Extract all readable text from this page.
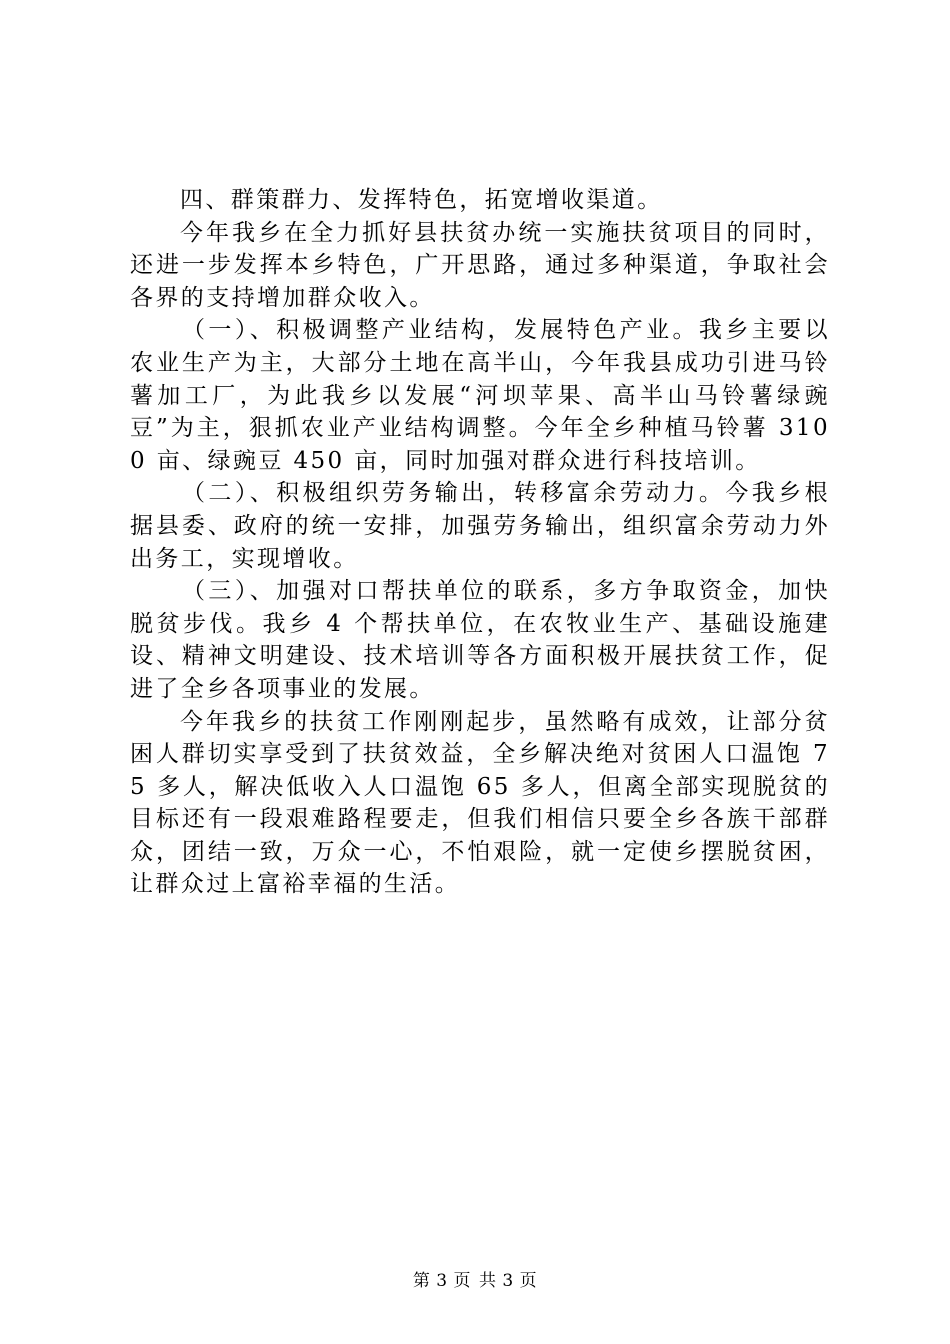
四、群策群力、发挥特色，拓宽增收渠道。

今年我乡在全力抓好县扶贫办统一实施扶贫项目的同时，还进一步发挥本乡特色，广开思路，通过多种渠道，争取社会各界的支持增加群众收入。

（一）、积极调整产业结构，发展特色产业。我乡主要以农业生产为主，大部分土地在高半山，今年我县成功引进马铃薯加工厂，为此我乡以发展“河坝苹果、高半山马铃薯绿豌豆”为主，狠抓农业产业结构调整。今年全乡种植马铃薯 3100 亩、绿豌豆 450 亩，同时加强对群众进行科技培训。

（二）、积极组织劳务输出，转移富余劳动力。今我乡根据县委、政府的统一安排，加强劳务输出，组织富余劳动力外出务工，实现增收。

（三）、加强对口帮扶单位的联系，多方争取资金，加快脱贫步伐。我乡 4 个帮扶单位，在农牧业生产、基础设施建设、精神文明建设、技术培训等各方面积极开展扶贫工作，促进了全乡各项事业的发展。

今年我乡的扶贫工作刚刚起步，虽然略有成效，让部分贫困人群切实享受到了扶贫效益，全乡解决绝对贫困人口温饱 75 多人，解决低收入人口温饱 65 多人，但离全部实现脱贫的目标还有一段艰难路程要走，但我们相信只要全乡各族干部群众，团结一致，万众一心，不怕艰险，就一定使乡摆脱贫困，让群众过上富裕幸福的生活。

第 3 页 共 3 页
